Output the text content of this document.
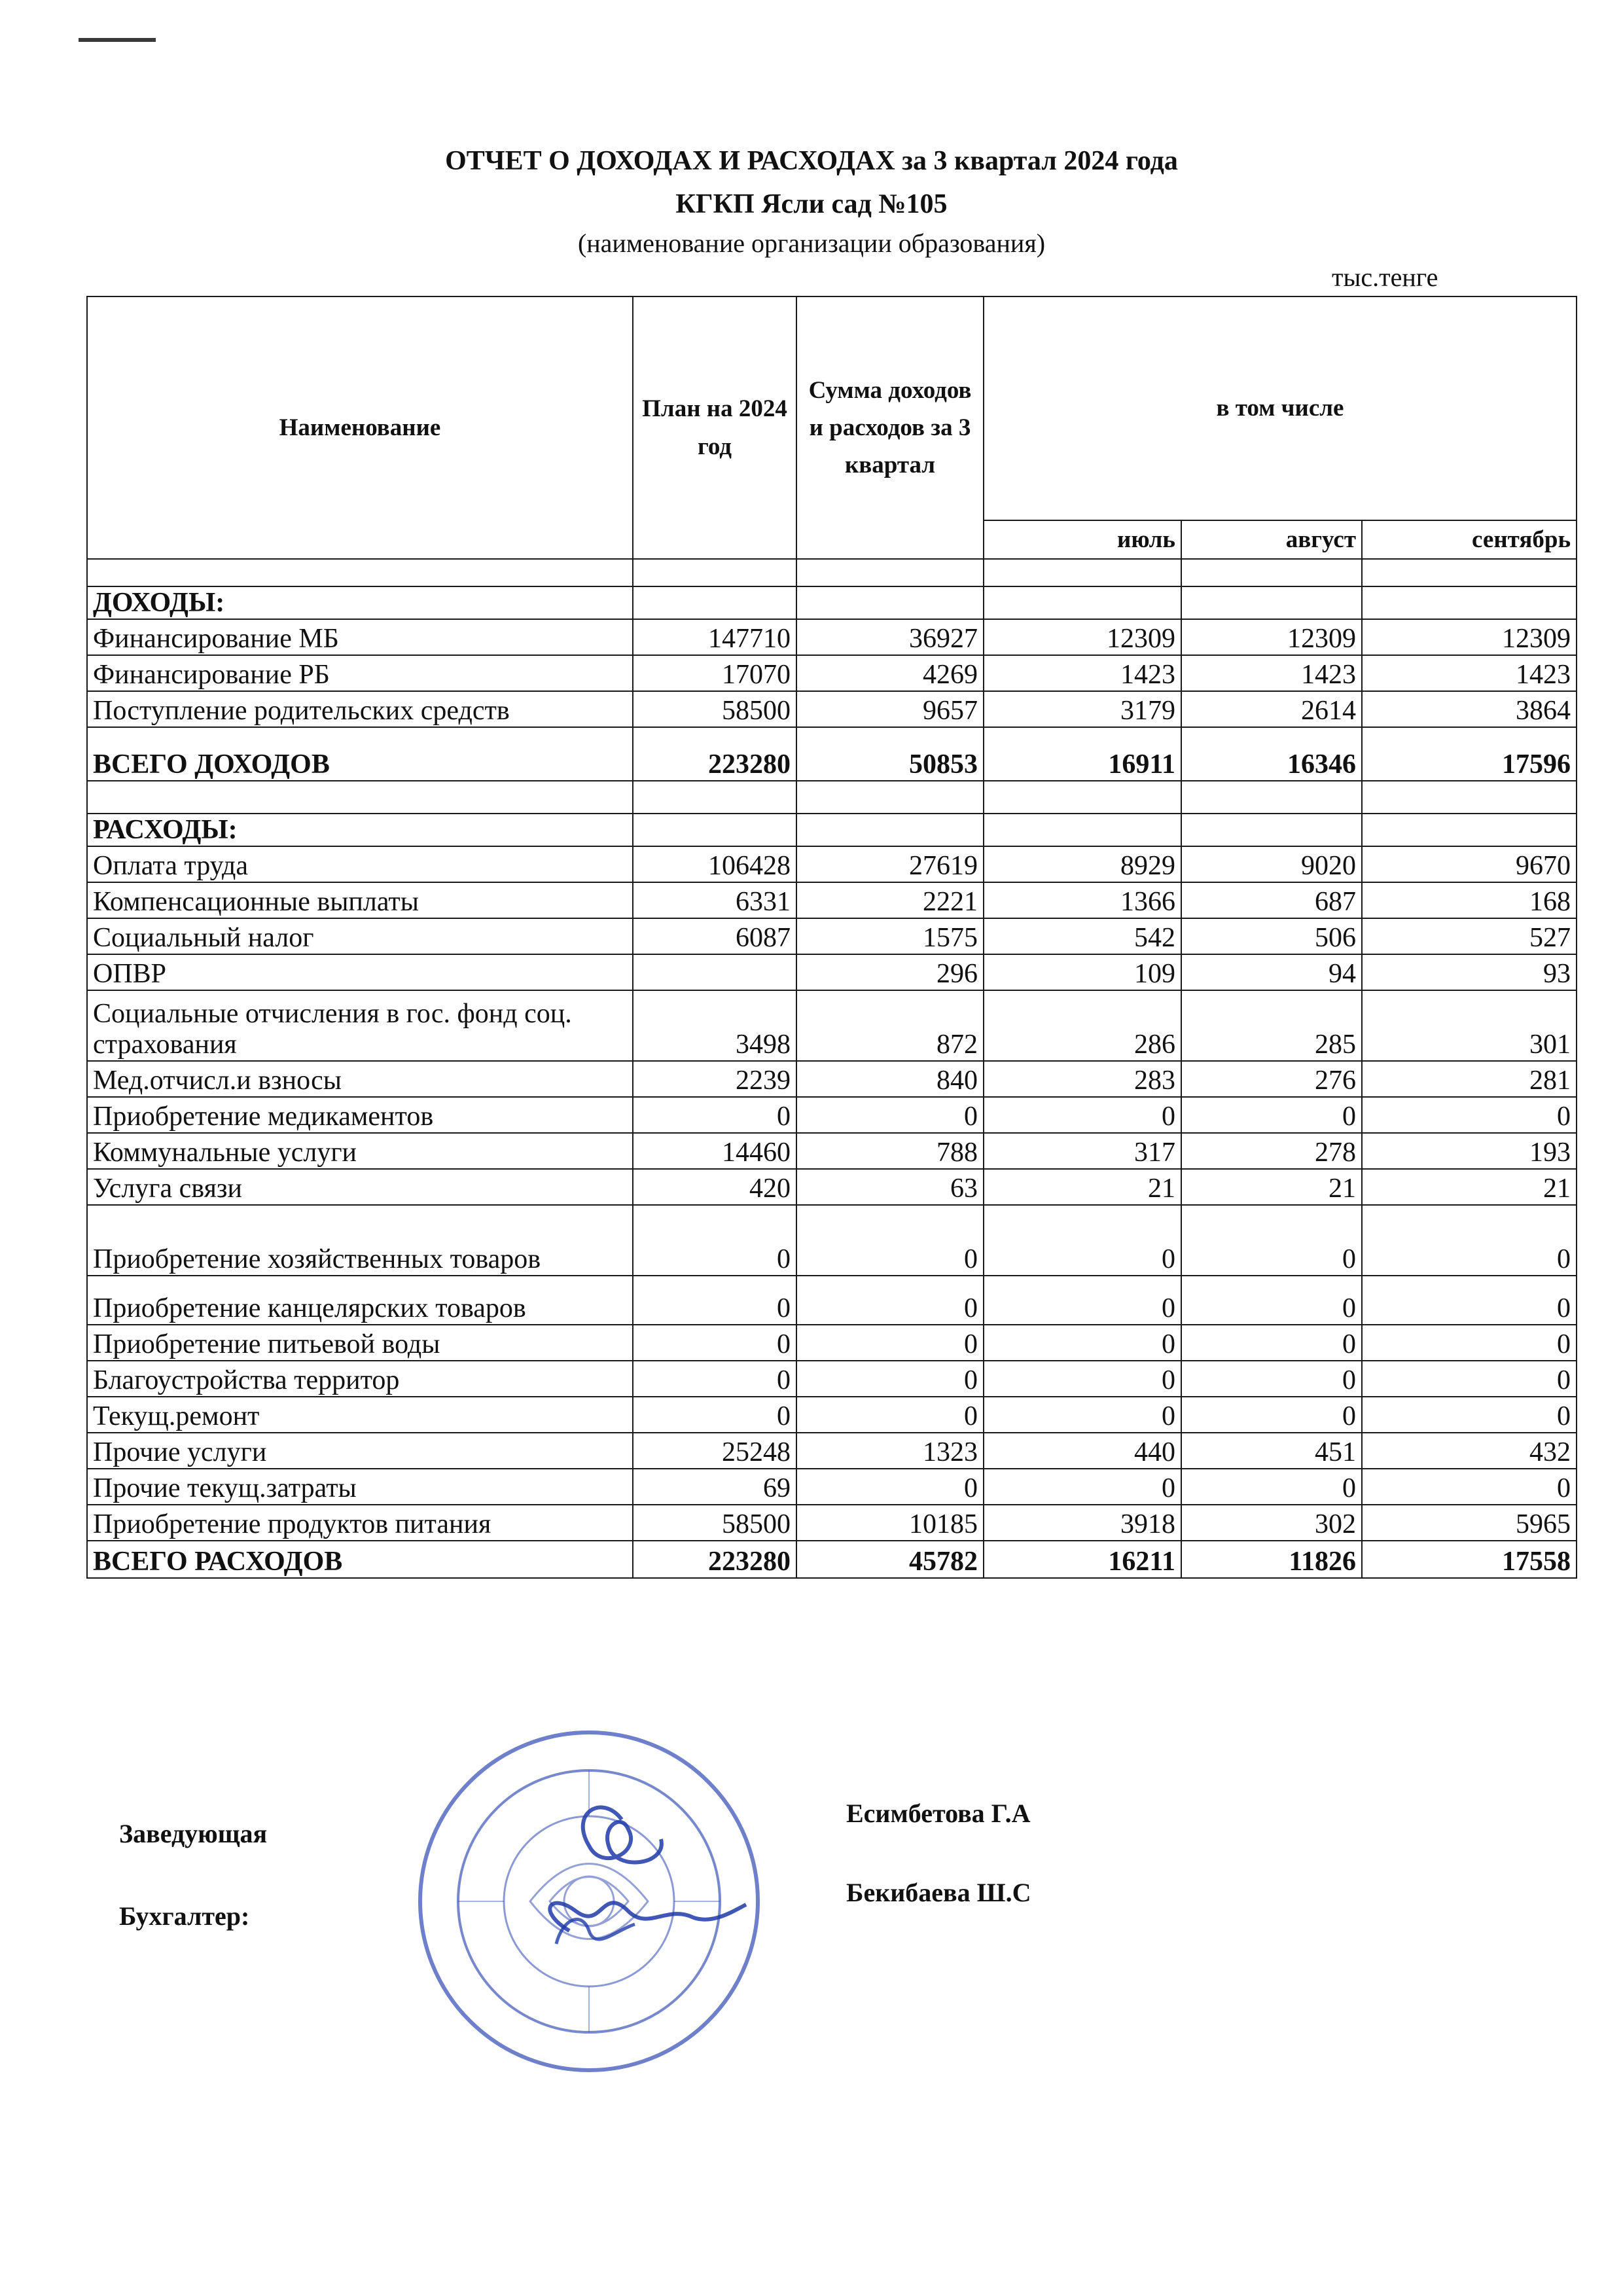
ОТЧЕТ О ДОХОДАХ И РАСХОДАХ за 3 квартал 2024 года
КГКП Ясли сад №105
(наименование организации образования)
тыс.тенге
Наименование	План на 2024 год	Сумма доходов и расходов за 3 квартал	в том числе		
			июль	август	сентябрь

ДОХОДЫ:					
Финансирование МБ	147710	36927	12309	12309	12309
Финансирование РБ	17070	4269	1423	1423	1423
Поступление родительских средств	58500	9657	3179	2614	3864
ВСЕГО ДОХОДОВ	223280	50853	16911	16346	17596

РАСХОДЫ:					
Оплата труда	106428	27619	8929	9020	9670
Компенсационные выплаты	6331	2221	1366	687	168
Социальный налог	6087	1575	542	506	527
ОПВР		296	109	94	93
Социальные отчисления в гос. фонд соц. страхования	3498	872	286	285	301
Мед.отчисл.и взносы	2239	840	283	276	281
Приобретение медикаментов	0	0	0	0	0
Коммунальные услуги	14460	788	317	278	193
Услуга связи	420	63	21	21	21
Приобретение хозяйственных товаров	0	0	0	0	0
Приобретение канцелярских товаров	0	0	0	0	0
Приобретение питьевой воды	0	0	0	0	0
Благоустройства территор	0	0	0	0	0
Текущ.ремонт	0	0	0	0	0
Прочие услуги	25248	1323	440	451	432
Прочие текущ.затраты	69	0	0	0	0
Приобретение продуктов питания	58500	10185	3918	302	5965
ВСЕГО РАСХОДОВ	223280	45782	16211	11826	17558
Заведующая
Есимбетова Г.А
Бухгалтер:
Бекибаева Ш.С
